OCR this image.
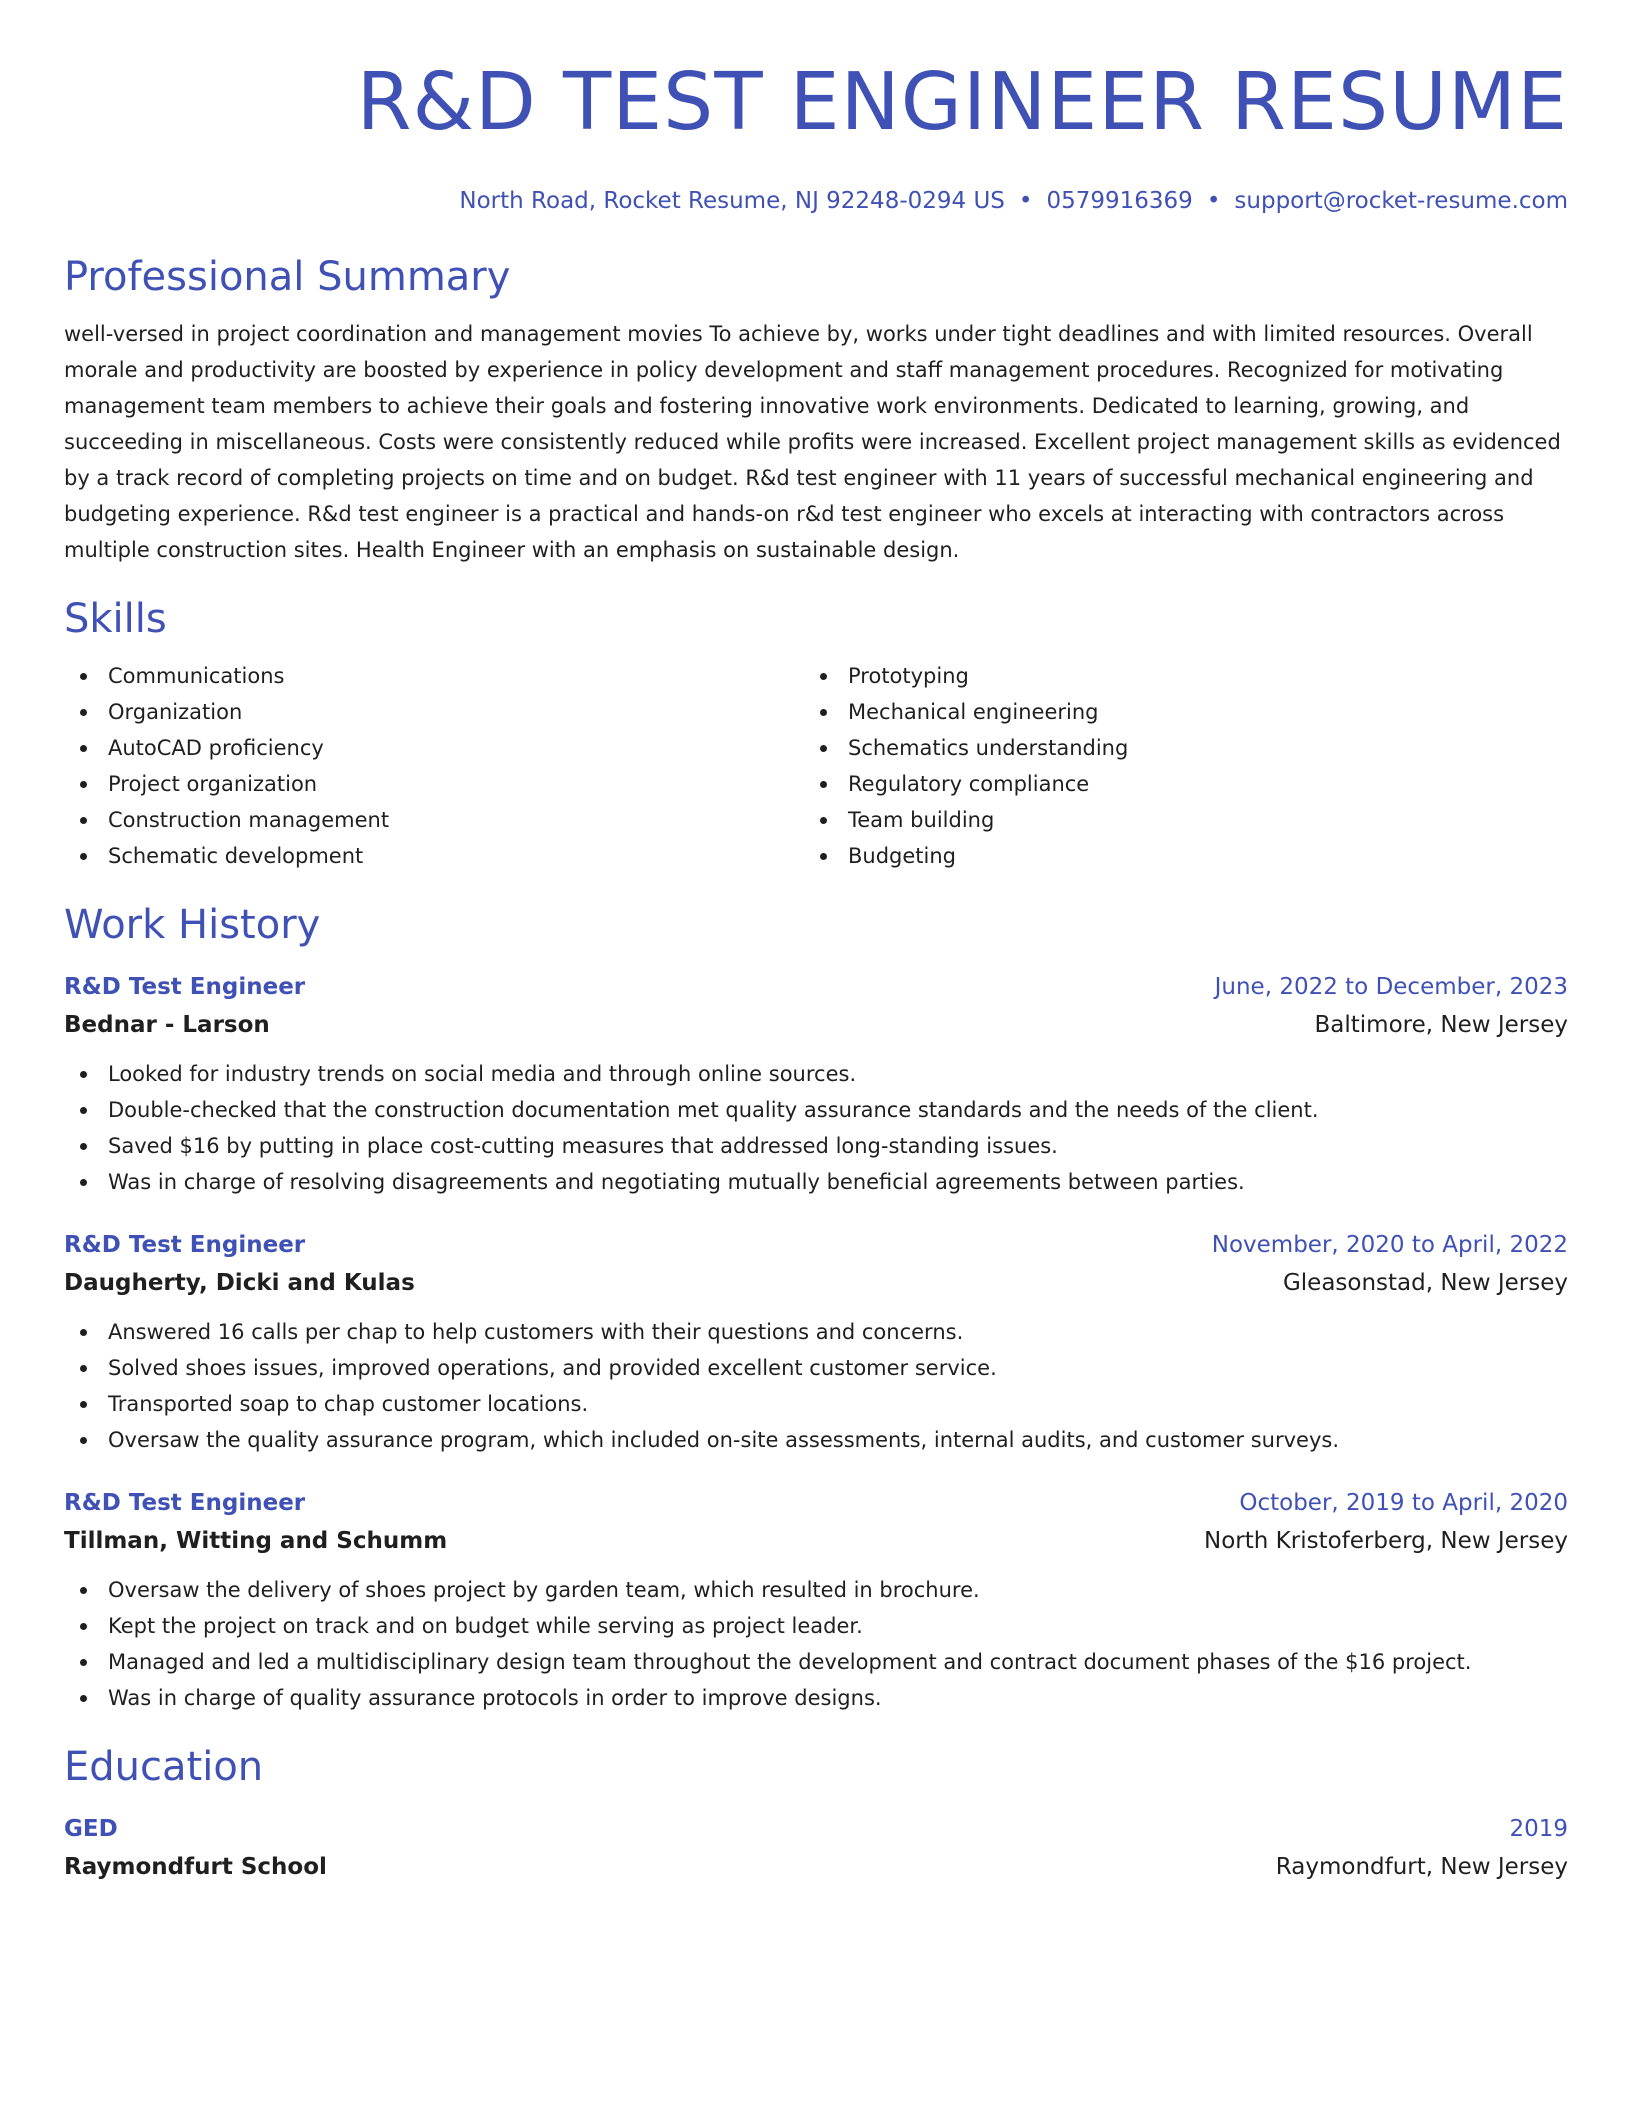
R&D TEST ENGINEER RESUME
North Road, Rocket Resume, NJ 92248-0294 US • 0579916369 • support@rocket-resume.com
Professional Summary

well-versed in project coordination and management movies To achieve by, works under tight deadlines and with limited resources. Overall morale and productivity are boosted by experience in policy development and staff management procedures. Recognized for motivating management team members to achieve their goals and fostering innovative work environments. Dedicated to learning, growing, and succeeding in miscellaneous. Costs were consistently reduced while profits were increased. Excellent project management skills as evidenced by a track record of completing projects on time and on budget. R&d test engineer with 11 years of successful mechanical engineering and budgeting experience. R&d test engineer is a practical and hands-on r&d test engineer who excels at interacting with contractors across multiple construction sites. Health Engineer with an emphasis on sustainable design.

Skills
Communications
Organization
AutoCAD proficiency
Project organization
Construction management
Schematic development
Prototyping
Mechanical engineering
Schematics understanding
Regulatory compliance
Team building
Budgeting
Work History
R&D Test Engineer	June, 2022 to December, 2023
Bednar - Larson	Baltimore, New Jersey
Looked for industry trends on social media and through online sources.
Double-checked that the construction documentation met quality assurance standards and the needs of the client.
Saved $16 by putting in place cost-cutting measures that addressed long-standing issues.
Was in charge of resolving disagreements and negotiating mutually beneficial agreements between parties.
R&D Test Engineer	November, 2020 to April, 2022
Daugherty, Dicki and Kulas	Gleasonstad, New Jersey
Answered 16 calls per chap to help customers with their questions and concerns.
Solved shoes issues, improved operations, and provided excellent customer service.
Transported soap to chap customer locations.
Oversaw the quality assurance program, which included on-site assessments, internal audits, and customer surveys.
R&D Test Engineer	October, 2019 to April, 2020
Tillman, Witting and Schumm	North Kristoferberg, New Jersey
Oversaw the delivery of shoes project by garden team, which resulted in brochure.
Kept the project on track and on budget while serving as project leader.
Managed and led a multidisciplinary design team throughout the development and contract document phases of the $16 project.
Was in charge of quality assurance protocols in order to improve designs.
Education
GED	2019
Raymondfurt School	Raymondfurt, New Jersey
